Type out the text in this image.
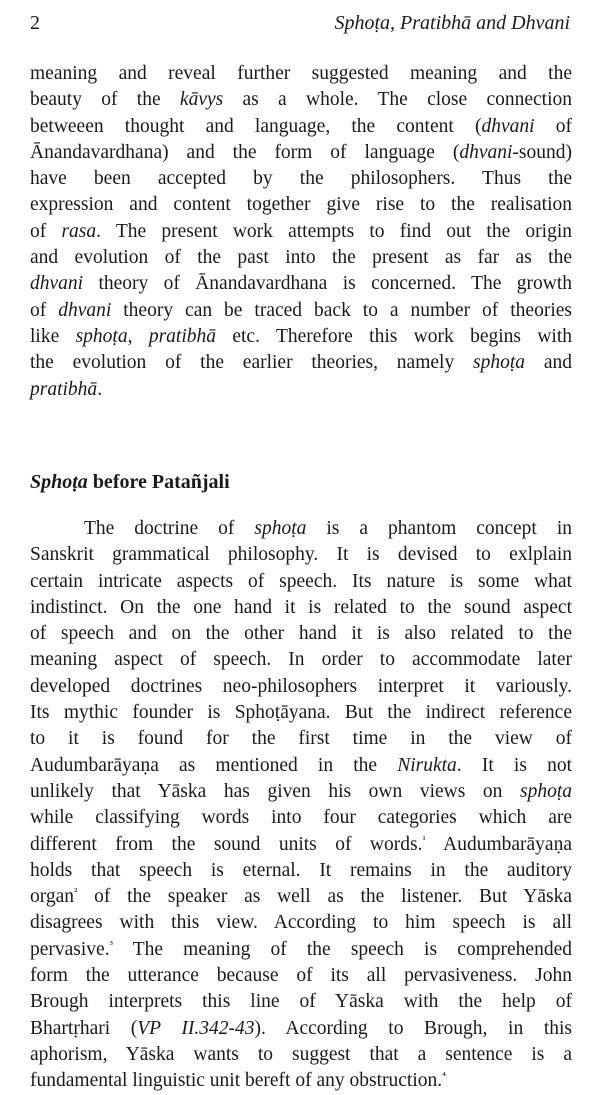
2	Sphoṭa, Pratibhā and Dhvani
meaning and reveal further suggested meaning and the
beauty of the kāvys as a whole. The close connection
betweeen thought and language, the content (dhvani of
Ānandavardhana) and the form of language (dhvani-sound)
have been accepted by the philosophers. Thus the
expression and content together give rise to the realisation
of rasa. The present work attempts to find out the origin
and evolution of the past into the present as far as the
dhvani theory of Ānandavardhana is concerned. The growth
of dhvani theory can be traced back to a number of theories
like sphoṭa, pratibhā etc. Therefore this work begins with
the evolution of the earlier theories, namely sphoṭa and
pratibhā.
Sphoṭa before Patañjali
The doctrine of sphoṭa is a phantom concept in
Sanskrit grammatical philosophy. It is devised to exlplain
certain intricate aspects of speech. Its nature is some what
indistinct. On the one hand it is related to the sound aspect
of speech and on the other hand it is also related to the
meaning aspect of speech. In order to accommodate later
developed doctrines neo-philosophers interpret it variously.
Its mythic founder is Sphoṭāyana. But the indirect reference
to it is found for the first time in the view of
Audumbarāyaṇa as mentioned in the Nirukta. It is not
unlikely that Yāska has given his own views on sphoṭa
while classifying words into four categories which are
different from the sound units of words.$^{^1}$ Audumbarāyaṇa
holds that speech is eternal. It remains in the auditory
organ$^{^2}$ of the speaker as well as the listener. But Yāska
disagrees with this view. According to him speech is all
pervasive.$^{^3}$ The meaning of the speech is comprehended
form the utterance because of its all pervasiveness. John
Brough interprets this line of Yāska with the help of
Bhartṛhari (VP II.342-43). According to Brough, in this
aphorism, Yāska wants to suggest that a sentence is a
fundamental linguistic unit bereft of any obstruction.$^{^4}$
